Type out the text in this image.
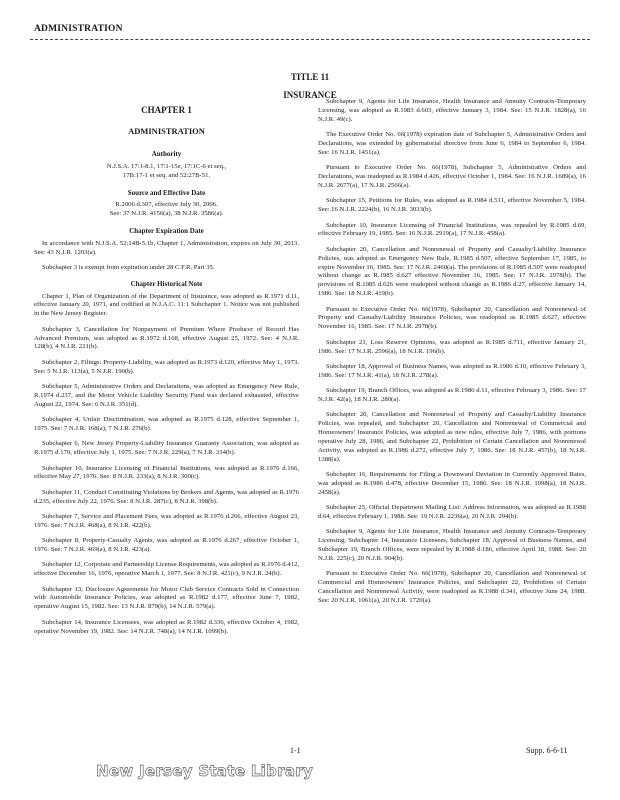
ADMINISTRATION
TITLE 11
INSURANCE
CHAPTER 1
ADMINISTRATION
Authority
N.J.S.A. 17:1-8.1, 17:1-15e, 17:1C-6 et seq.,
17B:17-1 et seq. and 52:27B-51.
Source and Effective Date
R.2006 d.307, effective July 30, 2006.
See: 37 N.J.R. 4156(a), 38 N.J.R. 3586(a).
Chapter Expiration Date

In accordance with N.J.S.A. 52:14B-5.1b, Chapter 1, Administration, expires on July 30, 2013. See: 43 N.J.R. 1203(a).

Subchapter 3 is exempt from expiration under 28 C.F.R. Part 35.

Chapter Historical Note

Chapter 1, Plan of Organization of the Department of Insurance, was adopted as R.1971 d.11, effective January 20, 1971, and codified at N.J.A.C. 11:1 Subchapter 1. Notice was not published in the New Jersey Register.

Subchapter 3, Cancellation for Nonpayment of Premium Where Producer of Record Has Advanced Premium, was adopted as R.1972 d.168, effective August 25, 1972. See: 4 N.J.R. 128(b), 4 N.J.R. 221(b).

Subchapter 2, Filings: Property-Liability, was adopted as R.1973 d.120, effective May 1, 1973. See: 5 N.J.R. 113(a), 5 N.J.R. 190(b).

Subchapter 5, Administrative Orders and Declarations, was adopted as Emergency New Rule, R.1974 d.237, and the Motor Vehicle Liability Security Fund was declared exhausted, effective August 22, 1974. See: 6 N.J.R. 351(d).

Subchapter 4, Unfair Discrimination, was adopted as R.1975 d.128, effective September 1, 1975. See: 7 N.J.R. 168(a), 7 N.J.R. 276(b).

Subchapter 6, New Jersey Property-Liability Insurance Guaranty Association, was adopted as R.1975 d.170, effective July 1, 1975. See: 7 N.J.R. 229(a), 7 N.J.R. 334(b).

Subchapter 10, Insurance Licensing of Financial Institutions, was adopted as R.1976 d.166, effective May 27, 1976. See: 8 N.J.R. 233(a), 8 N.J.R. 300(c).

Subchapter 11, Conduct Constituting Violations by Brokers and Agents, was adopted as R.1976 d.235, effective July 22, 1976. See: 8 N.J.R. 287(c), 8 N.J.R. 398(b).

Subchapter 7, Service and Placement Fees, was adopted as R.1976 d.266, effective August 23, 1976. See: 7 N.J.R. 468(a), 8 N.J.R. 422(b).

Subchapter 8, Property-Casualty Agents, was adopted as R.1976 d.267, effective October 1, 1976. See: 7 N.J.R. 469(a), 8 N.J.R. 423(a).

Subchapter 12, Corporate and Partnership License Requirements, was adopted as R.1976 d.412, effective December 16, 1976, operative March 1, 1977. See: 8 N.J.R. 421(c), 9 N.J.R. 24(b).

Subchapter 13, Disclosure Agreements for Motor Club Service Contracts Sold in Connection with Automobile Insurance Policies, was adopted as R.1982 d.177, effective June 7, 1982, operative August 15, 1982. See: 13 N.J.R. 879(b), 14 N.J.R. 579(a).

Subchapter 14, Insurance Licensees, was adopted as R.1982 d.336, effective October 4, 1982, operative November 19, 1982. See: 14 N.J.R. 748(a), 14 N.J.R. 1099(b).

Subchapter 9, Agents for Life Insurance, Health Insurance and Annuity Contracts-Temporary Licensing, was adopted as R.1983 d.603, effective January 3, 1984. See: 15 N.J.R. 1828(a), 16 N.J.R. 49(c).

The Executive Order No. 66(1978) expiration date of Subchapter 5, Administrative Orders and Declarations, was extended by gubernatorial directive from June 6, 1984 to September 6, 1984. See: 16 N.J.R. 1451(a).

Pursuant to Executive Order No. 66(1978), Subchapter 5, Administrative Orders and Declarations, was readopted as R.1984 d.426, effective October 1, 1984. See: 16 N.J.R. 1689(a), 16 N.J.R. 2677(a), 17 N.J.R. 2566(a).

Subchapter 15, Petitions for Rules, was adopted as R.1984 d.511, effective November 5, 1984. See: 16 N.J.R. 2224(b), 16 N.J.R. 3033(b).

Subchapter 10, Insurance Licensing of Financial Institutions, was repealed by R.1985 d.69, effective February 19, 1985. See: 16 N.J.R. 2919(a), 17 N.J.R. 458(a).

Subchapter 20, Cancellation and Nonrenewal of Property and Casualty/Liability Insurance Policies, was adopted as Emergency New Rule, R.1985 d.507, effective September 17, 1985, to expire November 16, 1985. See: 17 N.J.R. 2460(a). The provisions of R.1985 d.507 were readopted without change as R.1985 d.627 effective November 16, 1985. See: 17 N.J.R. 2978(b). The provisions of R.1985 d.626 were readopted without change as R.1986 d.27, effective January 14, 1986. See: 18 N.J.R. 419(b).

Pursuant to Executive Order No. 66(1978), Subchapter 20, Cancellation and Nonrenewal of Property and Casualty/Liability Insurance Policies, was readopted as R.1985 d.627, effective November 16, 1985. See: 17 N.J.R. 2978(b).

Subchapter 21, Loss Reserve Opinions, was adopted as R.1985 d.711, effective January 21, 1986. See: 17 N.J.R. 2596(a), 18 N.J.R. 196(b).

Subchapter 18, Approval of Business Names, was adopted as R.1986 d.10, effective February 3, 1986. See: 17 N.J.R. 41(a), 18 N.J.R. 278(a).

Subchapter 19, Branch Offices, was adopted as R.1986 d.11, effective February 3, 1986. See: 17 N.J.R. 42(a), 18 N.J.R. 280(a).

Subchapter 20, Cancellation and Nonrenewal of Property and Casualty/Liability Insurance Policies, was repealed, and Subchapter 20, Cancellation and Nonrenewal of Commercial and Homeowners' Insurance Policies, was adopted as new rules, effective July 7, 1986, with portions operative July 28, 1986, and Subchapter 22, Prohibition of Certain Cancellation and Nonrenewal Activity, was adopted as R.1986 d.272, effective July 7, 1986. See: 18 N.J.R. 457(b), 18 N.J.R. 1388(a).

Subchapter 16, Requirements for Filing a Downward Deviation in Currently Approved Rates, was adopted as R.1986 d.478, effective December 15, 1986. See: 18 N.J.R. 1998(a), 18 N.J.R. 2458(a).

Subchapter 25, Official Department Mailing List: Address Information, was adopted as R.1988 d.64, effective February 1, 1988. See: 19 N.J.R. 2236(a), 20 N.J.R. 294(b).

Subchapter 9, Agents for Life Insurance, Health Insurance and Annuity Contracts-Temporary Licensing, Subchapter 14, Insurance Licensees, Subchapter 18, Approval of Business Names, and Subchapter 19, Branch Offices, were repealed by R.1988 d.186, effective April 18, 1988. See: 20 N.J.R. 225(c), 20 N.J.R. 904(b).

Pursuant to Executive Order No. 66(1978), Subchapter 20, Cancellation and Nonrenewal of Commercial and Homeowners' Insurance Policies, and Subchapter 22, Prohibition of Certain Cancellation and Nonrenewal Activity, were readopted as R.1988 d.341, effective June 24, 1988. See: 20 N.J.R. 1061(a), 20 N.J.R. 1720(a).

1-1	Supp. 6-6-11
New Jersey State Library
